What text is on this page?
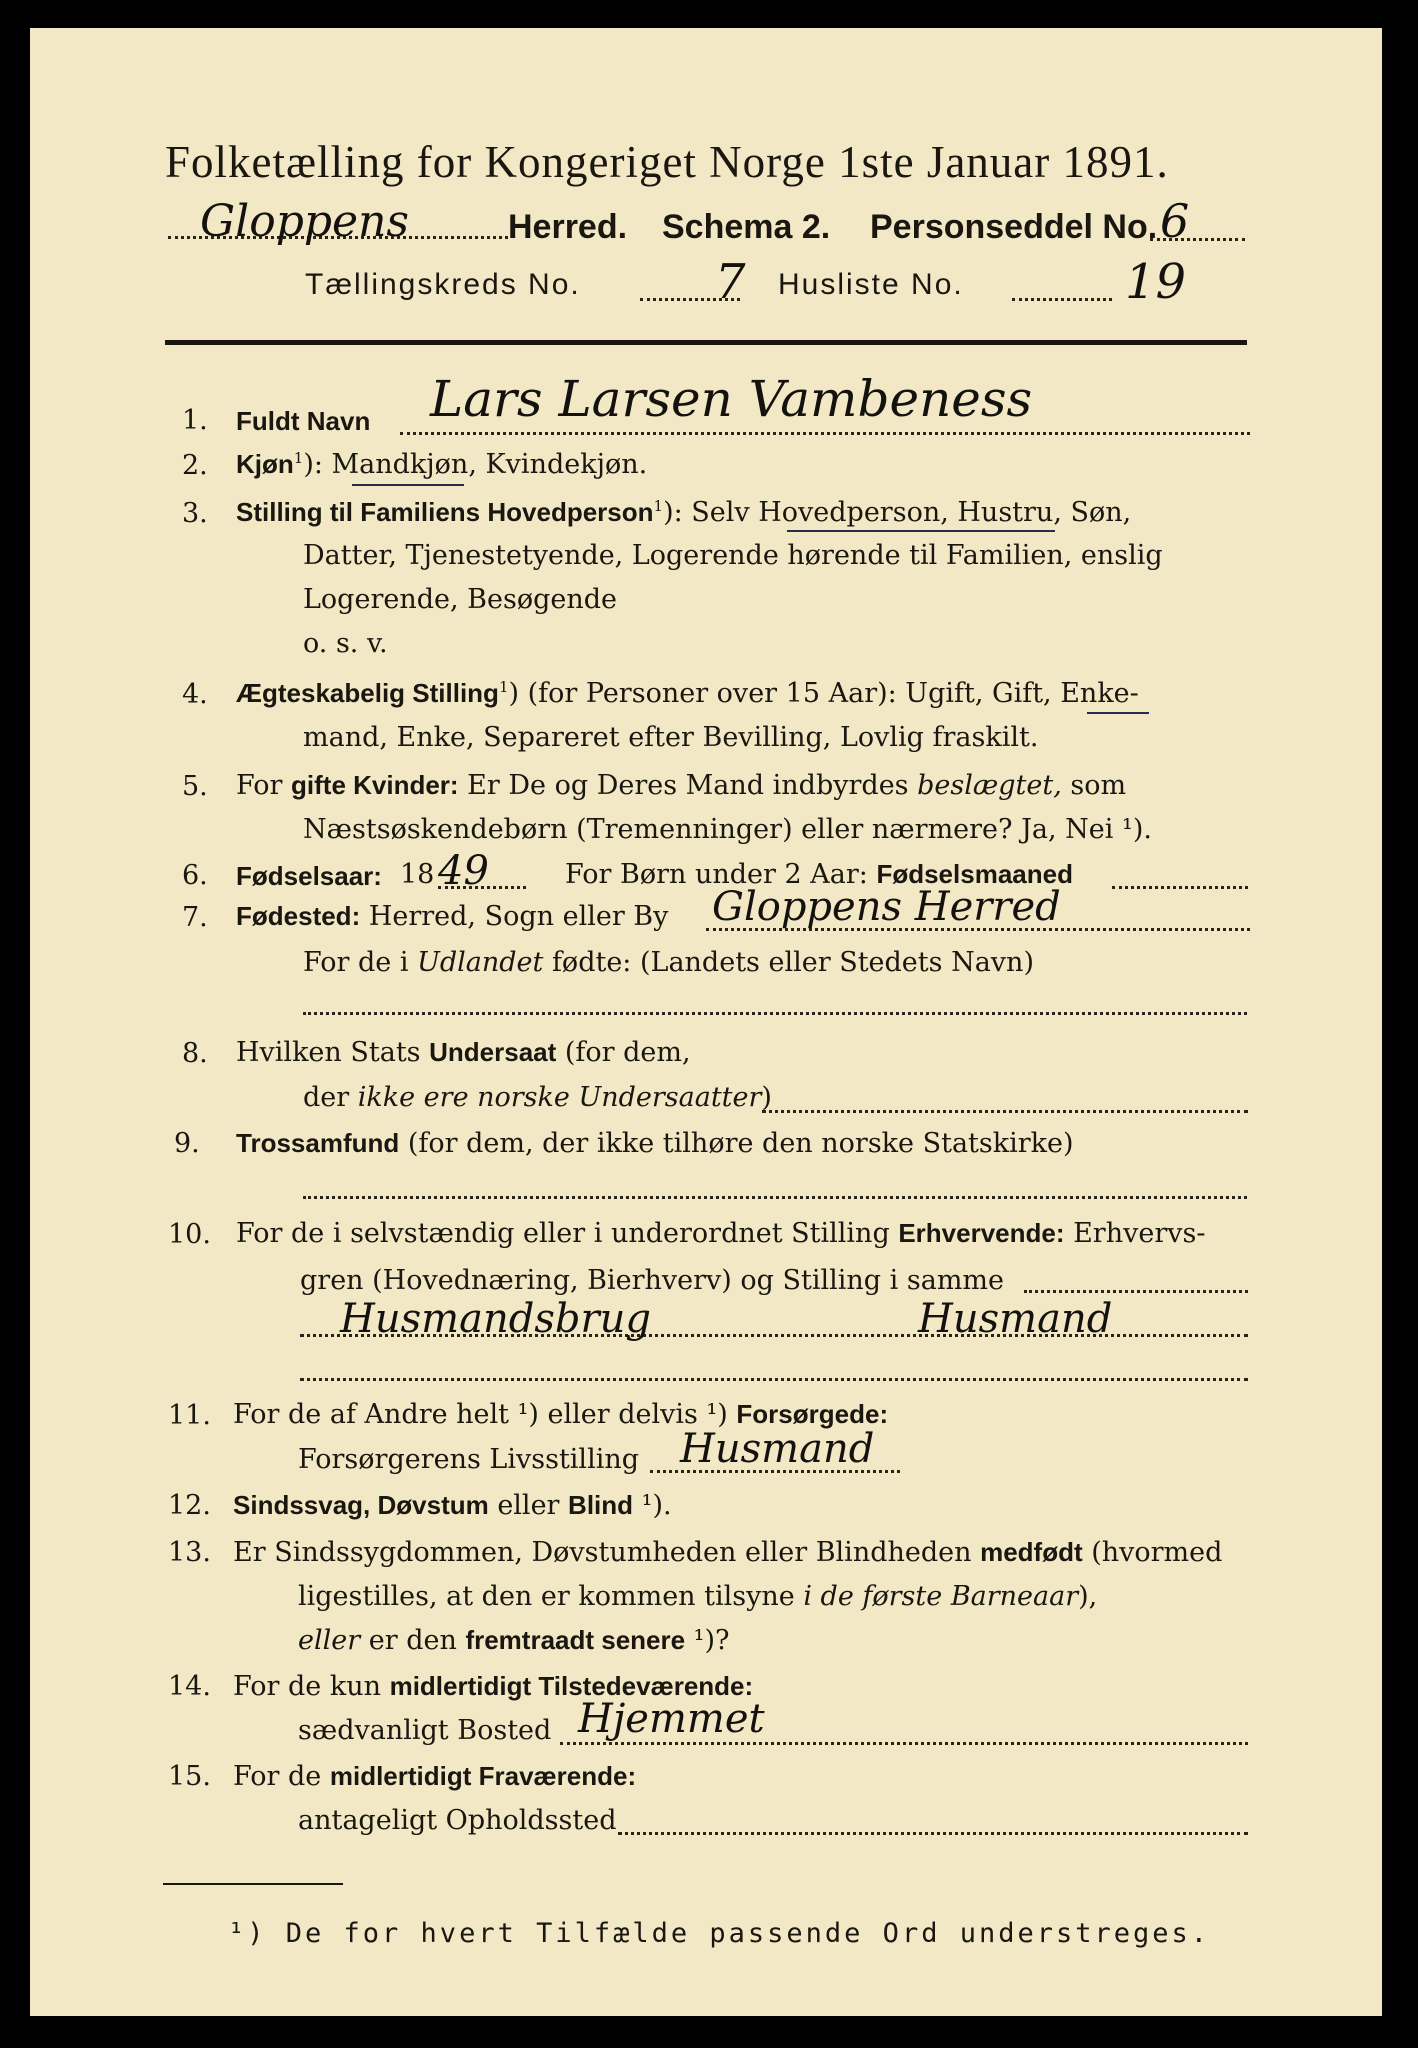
Folketælling for Kongeriget Norge 1ste Januar 1891.
Gloppens	Herred. Schema 2. Personseddel No. 6
Tællingskreds No.	7 Husliste No.	19
1. Fuldt Navn Lars Larsen Vambeness
2. Kjøn$^1$): Mandkjøn, Kvindekjøn.
3. Stilling til Familiens Hovedperson$^1$): Selv Hovedperson, Hustru, Søn,
Datter, Tjenestetyende, Logerende hørende til Familien, enslig
Logerende, Besøgende
o. s. v.
4. Ægteskabelig Stilling$^1$) (for Personer over 15 Aar): Ugift, Gift, Enke-
mand, Enke, Separeret efter Bevilling, Lovlig fraskilt.
5. For gifte Kvinder: Er De og Deres Mand indbyrdes beslægtet, som
Næstsøskendebørn (Tremenninger) eller nærmere? Ja, Nei ¹).
6. Fødselsaar: 18 49	For Børn under 2 Aar: Fødselsmaaned
7. Fødested: Herred, Sogn eller By Gloppens Herred
For de i Udlandet fødte: (Landets eller Stedets Navn)
8. Hvilken Stats Undersaat (for dem,
der ikke ere norske Undersaatter)
9. Trossamfund (for dem, der ikke tilhøre den norske Statskirke)
10. For de i selvstændig eller i underordnet Stilling Erhvervende: Erhvervs-
gren (Hovednæring, Bierhverv) og Stilling i samme
Husmandsbrug	Husmand
11. For de af Andre helt ¹) eller delvis ¹) Forsørgede:
Forsørgerens Livsstilling Husmand
12. Sindssvag, Døvstum eller Blind ¹).
13. Er Sindssygdommen, Døvstumheden eller Blindheden medfødt (hvormed
ligestilles, at den er kommen tilsyne i de første Barneaar),
eller er den fremtraadt senere ¹)?
14. For de kun midlertidigt Tilstedeværende:
sædvanligt Bosted Hjemmet
15. For de midlertidigt Fraværende:
antageligt Opholdssted
¹) De for hvert Tilfælde passende Ord understreges.
